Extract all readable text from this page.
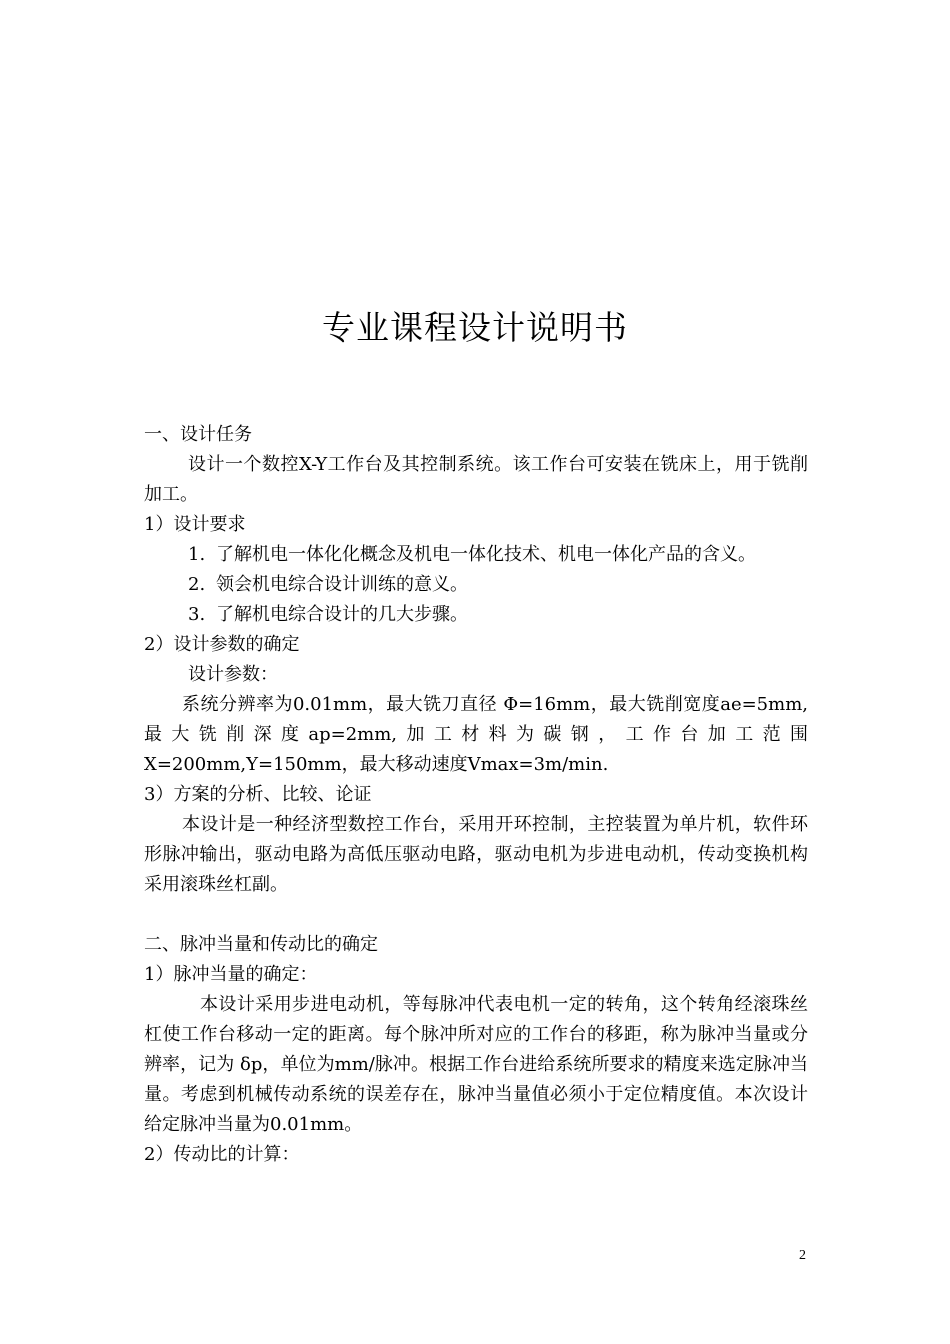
专业课程设计说明书

一、设计任务

设计一个数控X-Y工作台及其控制系统。该工作台可安装在铣床上，用于铣削加工。

1）设计要求

1. 了解机电一体化化概念及机电一体化技术、机电一体化产品的含义。

2. 领会机电综合设计训练的意义。

3. 了解机电综合设计的几大步骤。

2）设计参数的确定

设计参数：

系统分辨率为0.01mm，最大铣刀直径 Φ=16mm，最大铣削宽度ae=5mm,最大铣削深度ap=2mm,加工材料为碳钢，工作台加工范围X=200mm,Y=150mm，最大移动速度Vmax=3m/min.

3）方案的分析、比较、论证

本设计是一种经济型数控工作台，采用开环控制，主控装置为单片机，软件环形脉冲输出，驱动电路为高低压驱动电路，驱动电机为步进电动机，传动变换机构采用滚珠丝杠副。

二、脉冲当量和传动比的确定

1）脉冲当量的确定：

本设计采用步进电动机，等每脉冲代表电机一定的转角，这个转角经滚珠丝杠使工作台移动一定的距离。每个脉冲所对应的工作台的移距，称为脉冲当量或分辨率，记为 δp，单位为mm/脉冲。根据工作台进给系统所要求的精度来选定脉冲当量。考虑到机械传动系统的误差存在，脉冲当量值必须小于定位精度值。本次设计给定脉冲当量为0.01mm。

2）传动比的计算：

2
